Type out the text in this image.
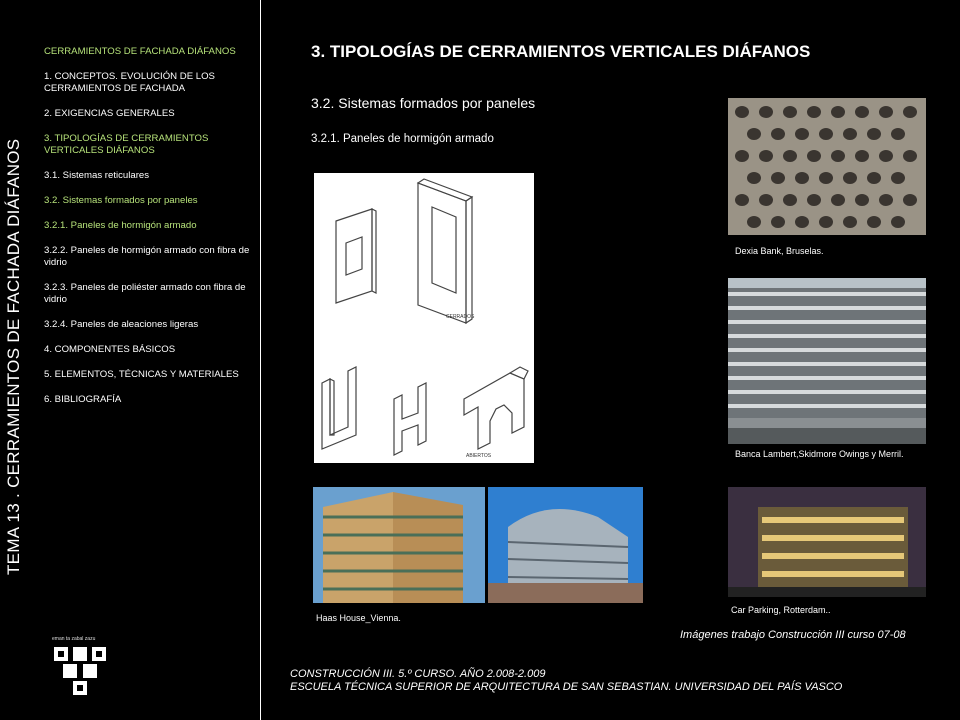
TEMA 13 . CERRAMIENTOS DE FACHADA DIÁFANOS
CERRAMIENTOS DE FACHADA DIÁFANOS
1. CONCEPTOS. EVOLUCIÓN DE LOS CERRAMIENTOS DE FACHADA
2. EXIGENCIAS GENERALES
3. TIPOLOGÍAS DE CERRAMIENTOS VERTICALES DIÁFANOS
3.1. Sistemas reticulares
3.2. Sistemas formados por paneles
3.2.1. Paneles de hormigón armado
3.2.2. Paneles de hormigón armado con fibra de vidrio
3.2.3. Paneles de poliéster armado con fibra de vidrio
3.2.4. Paneles de aleaciones ligeras
4. COMPONENTES BÁSICOS
5. ELEMENTOS, TÉCNICAS Y MATERIALES
6. BIBLIOGRAFÍA
eman ta zabal zazu
3. TIPOLOGÍAS DE CERRAMIENTOS VERTICALES DIÁFANOS
3.2. Sistemas formados por paneles
3.2.1. Paneles de hormigón armado
CERRADOS
ABIERTOS
Dexia Bank, Bruselas.
Banca Lambert,Skidmore Owings y Merril.
Haas House_Vienna.
Car Parking, Rotterdam..
Imágenes trabajo Construcción III curso 07-08
CONSTRUCCIÓN III. 5.º CURSO. AÑO 2.008-2.009
ESCUELA TÉCNICA SUPERIOR DE ARQUITECTURA DE SAN SEBASTIAN. UNIVERSIDAD DEL PAÍS VASCO
